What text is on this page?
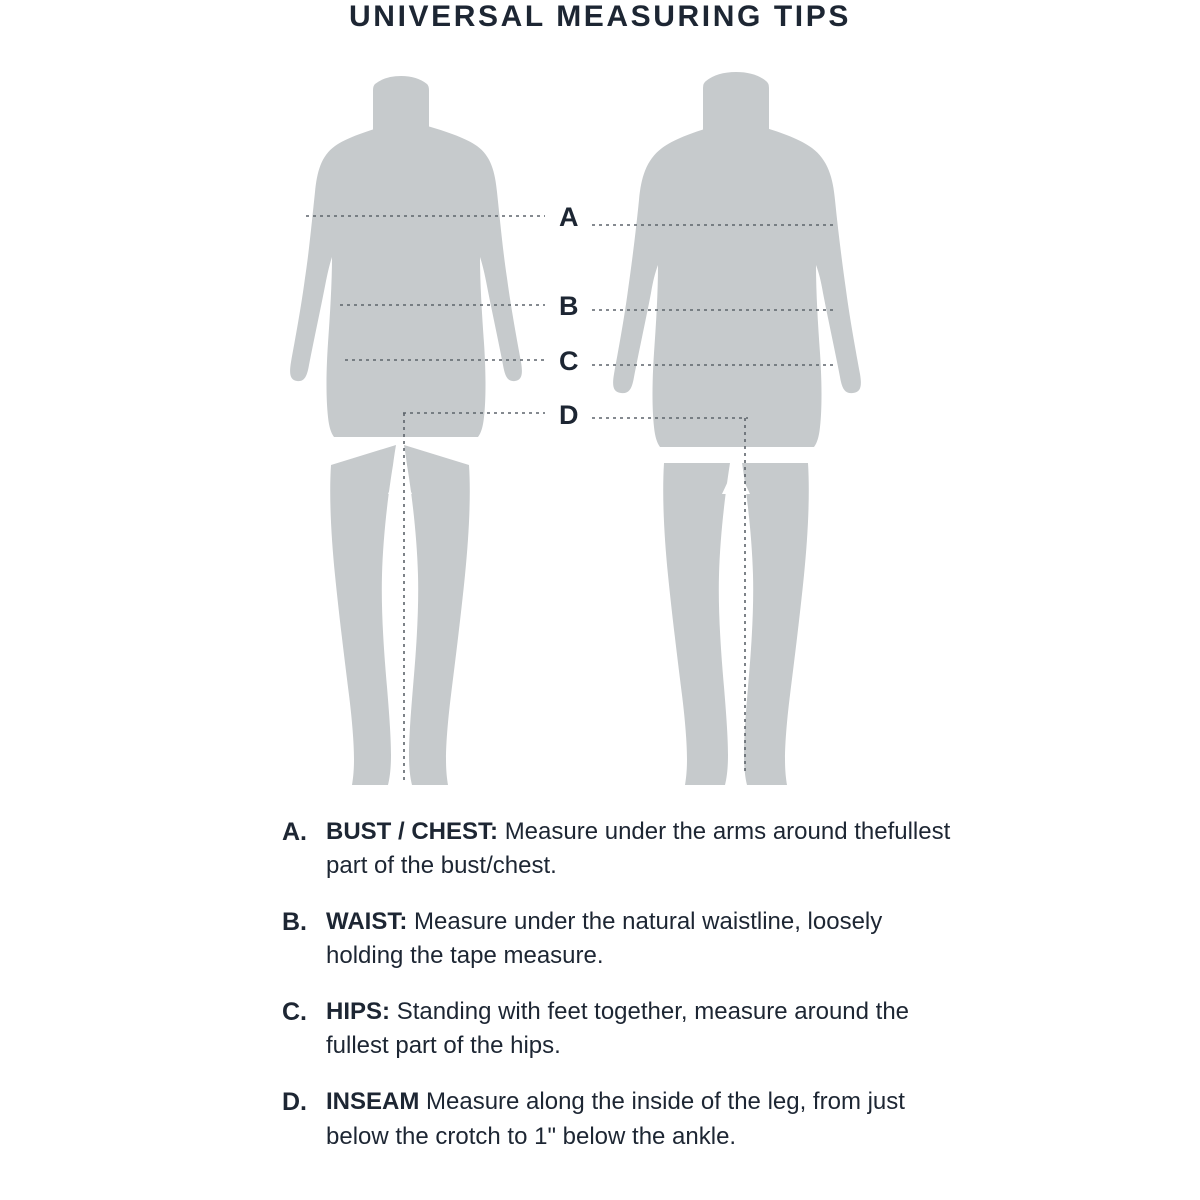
UNIVERSAL MEASURING TIPS
A
B
C
D
A. BUST / CHEST: Measure under the arms around thefullest part of the bust/chest.
B. WAIST: Measure under the natural waistline, loosely holding the tape measure.
C. HIPS: Standing with feet together, measure around the fullest part of the hips.
D. INSEAM Measure along the inside of the leg, from just below the crotch to 1" below the ankle.
